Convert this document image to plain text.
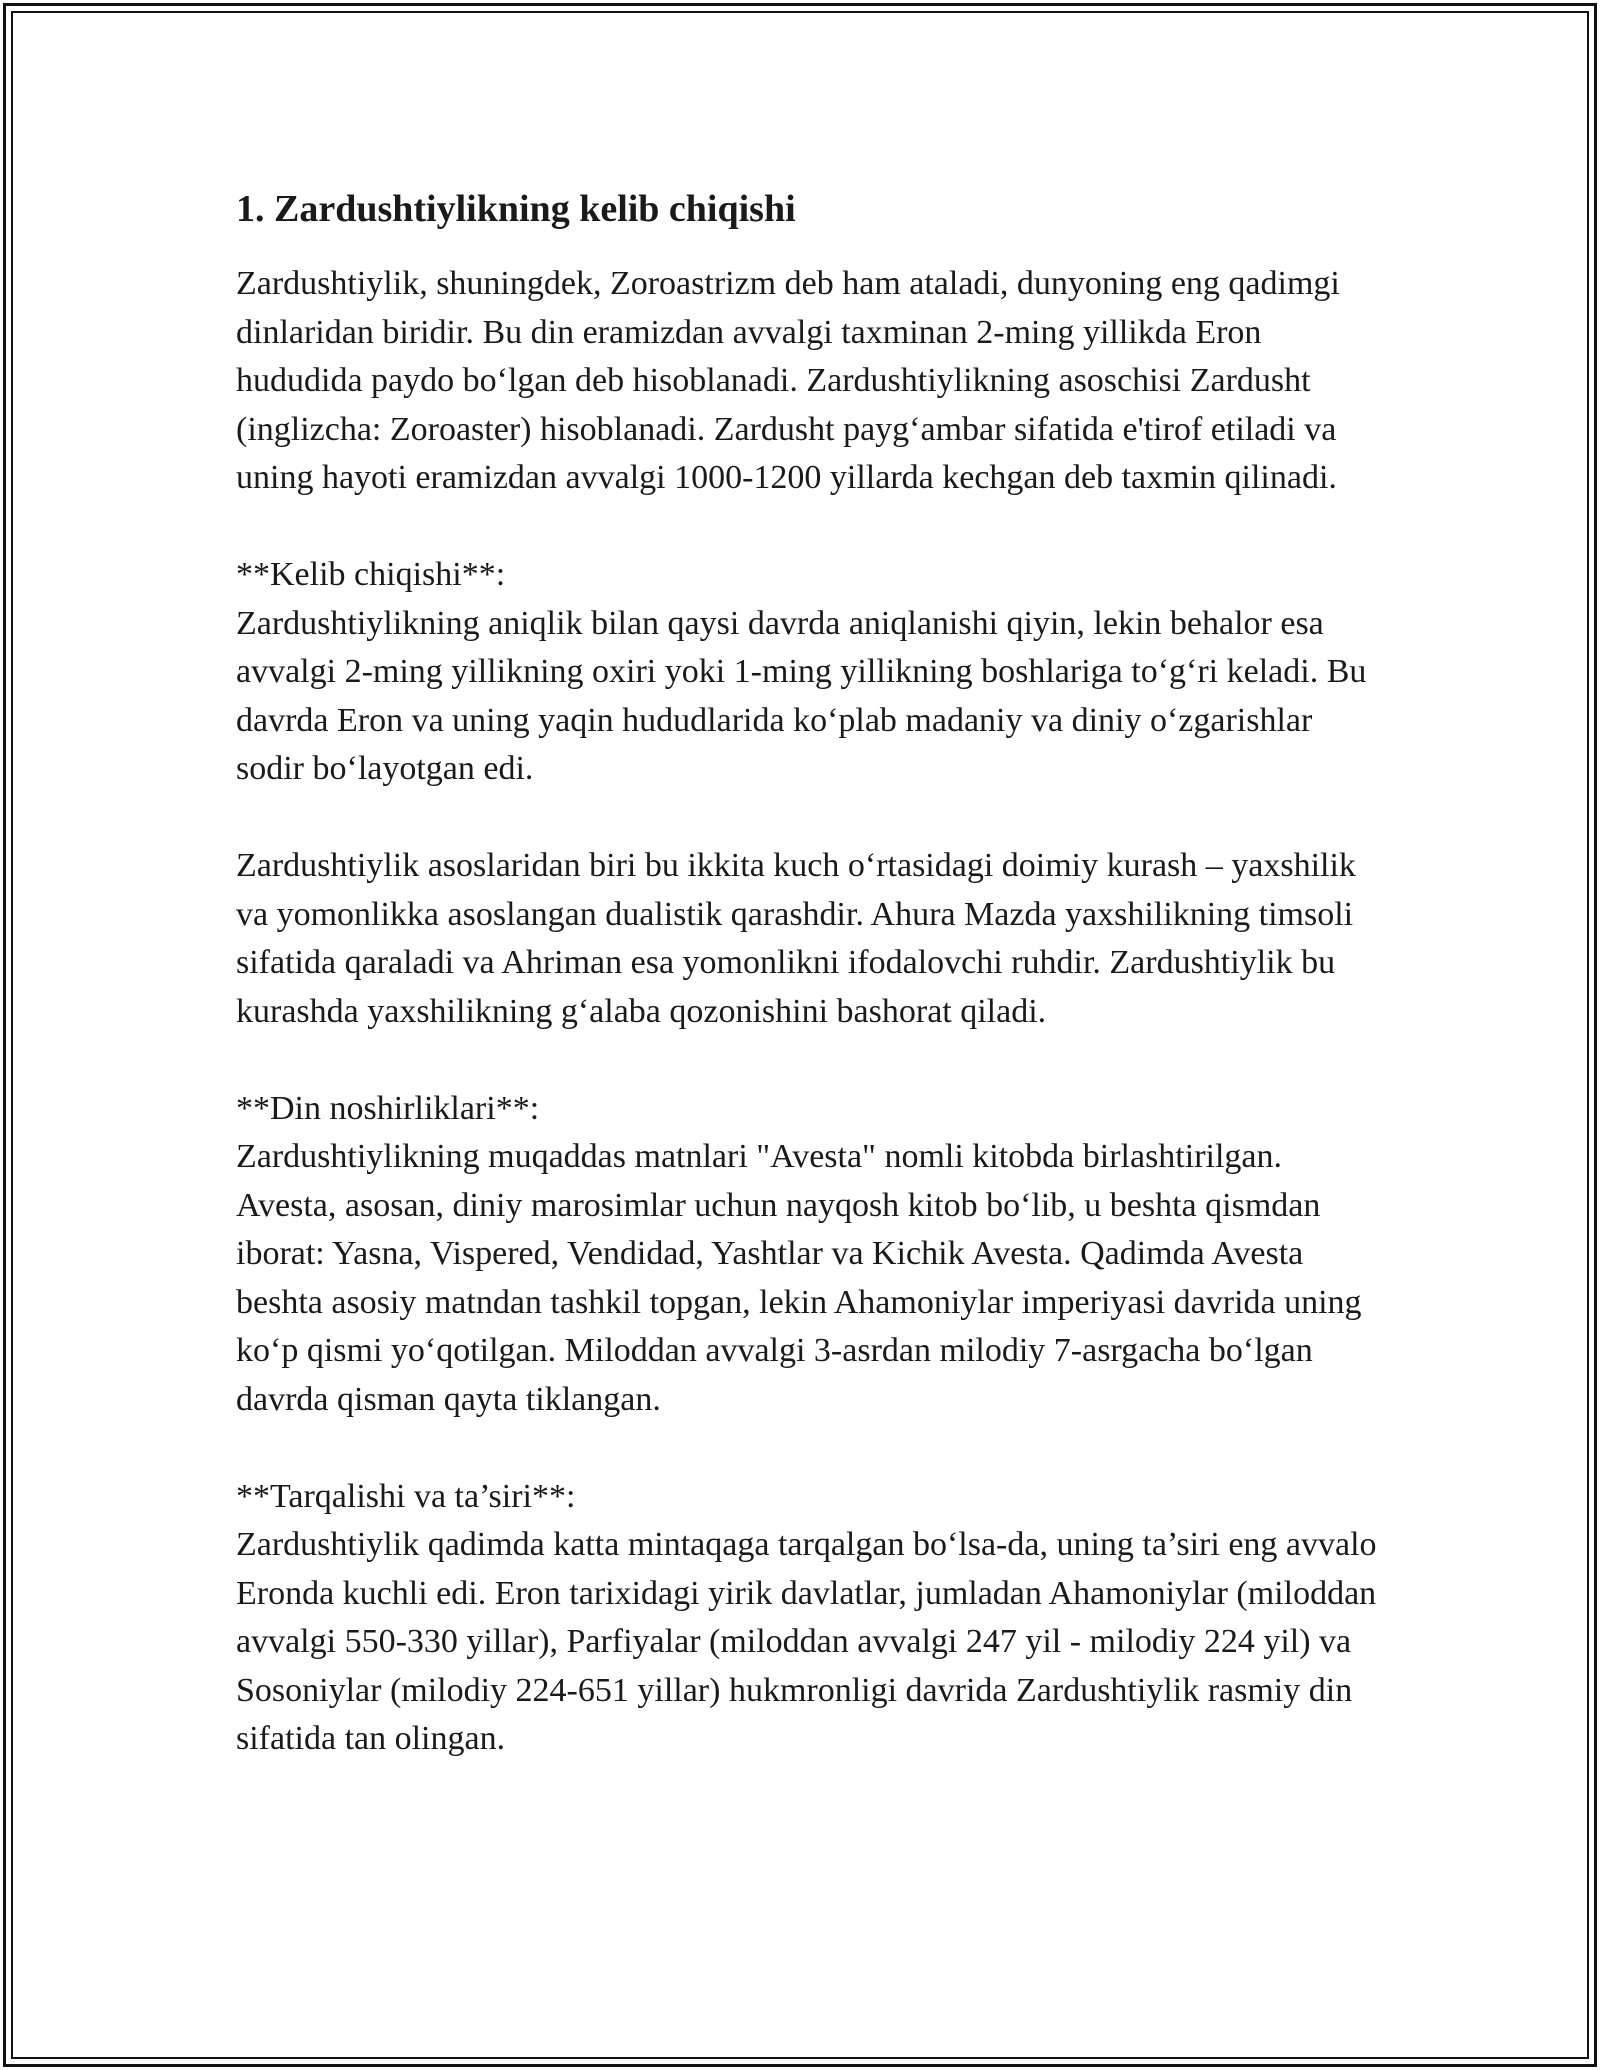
1. Zardushtiylikning kelib chiqishi

Zardushtiylik, shuningdek, Zoroastrizm deb ham ataladi, dunyoning eng qadimgi dinlaridan biridir. Bu din eramizdan avvalgi taxminan 2-ming yillikda Eron hududida paydo bo‘lgan deb hisoblanadi. Zardushtiylikning asoschisi Zardusht (inglizcha: Zoroaster) hisoblanadi. Zardusht payg‘ambar sifatida e'tirof etiladi va uning hayoti eramizdan avvalgi 1000-1200 yillarda kechgan deb taxmin qilinadi.

**Kelib chiqishi**:

Zardushtiylikning aniqlik bilan qaysi davrda aniqlanishi qiyin, lekin behalor esa avvalgi 2-ming yillikning oxiri yoki 1-ming yillikning boshlariga to‘g‘ri keladi. Bu davrda Eron va uning yaqin hududlarida ko‘plab madaniy va diniy o‘zgarishlar sodir bo‘layotgan edi.

Zardushtiylik asoslaridan biri bu ikkita kuch o‘rtasidagi doimiy kurash – yaxshilik va yomonlikka asoslangan dualistik qarashdir. Ahura Mazda yaxshilikning timsoli sifatida qaraladi va Ahriman esa yomonlikni ifodalovchi ruhdir. Zardushtiylik bu kurashda yaxshilikning g‘alaba qozonishini bashorat qiladi.

**Din noshirliklari**:

Zardushtiylikning muqaddas matnlari "Avesta" nomli kitobda birlashtirilgan. Avesta, asosan, diniy marosimlar uchun nayqosh kitob bo‘lib, u beshta qismdan iborat: Yasna, Vispered, Vendidad, Yashtlar va Kichik Avesta. Qadimda Avesta beshta asosiy matndan tashkil topgan, lekin Ahamoniylar imperiyasi davrida uning ko‘p qismi yo‘qotilgan. Miloddan avvalgi 3-asrdan milodiy 7-asrgacha bo‘lgan davrda qisman qayta tiklangan.

**Tarqalishi va ta’siri**:

Zardushtiylik qadimda katta mintaqaga tarqalgan bo‘lsa-da, uning ta’siri eng avvalo Eronda kuchli edi. Eron tarixidagi yirik davlatlar, jumladan Ahamoniylar (miloddan avvalgi 550-330 yillar), Parfiyalar (miloddan avvalgi 247 yil - milodiy 224 yil) va Sosoniylar (milodiy 224-651 yillar) hukmronligi davrida Zardushtiylik rasmiy din sifatida tan olingan.
